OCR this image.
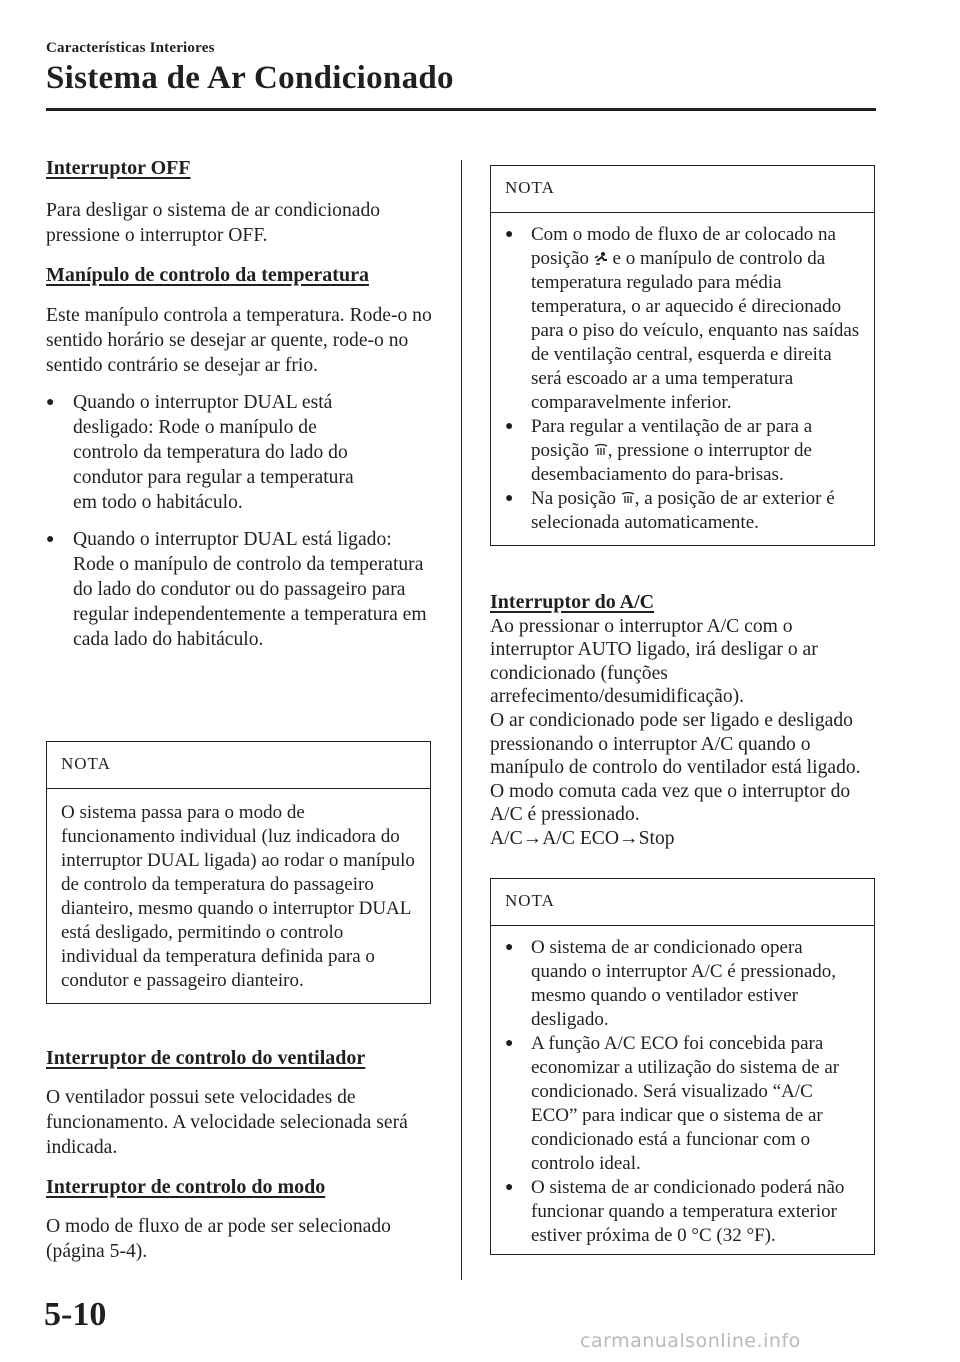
Características Interiores
Sistema de Ar Condicionado

Interruptor OFF

Para desligar o sistema de ar condicionado pressione o interruptor OFF.

Manípulo de controlo da temperatura

Este manípulo controla a temperatura. Rode-o no sentido horário se desejar ar quente, rode-o no sentido contrário se desejar ar frio.

● Quando o interruptor DUAL está desligado: Rode o manípulo de controlo da temperatura do lado do condutor para regular a temperatura em todo o habitáculo.
● Quando o interruptor DUAL está ligado: Rode o manípulo de controlo da temperatura do lado do condutor ou do passageiro para regular independentemente a temperatura em cada lado do habitáculo.
NOTA
O sistema passa para o modo de funcionamento individual (luz indicadora do interruptor DUAL ligada) ao rodar o manípulo de controlo da temperatura do passageiro dianteiro, mesmo quando o interruptor DUAL está desligado, permitindo o controlo individual da temperatura definida para o condutor e passageiro dianteiro.

Interruptor de controlo do ventilador

O ventilador possui sete velocidades de funcionamento. A velocidade selecionada será indicada.

Interruptor de controlo do modo

O modo de fluxo de ar pode ser selecionado (página 5-4).

NOTA
● Com o modo de fluxo de ar colocado na posição e o manípulo de controlo da temperatura regulado para média temperatura, o ar aquecido é direcionado para o piso do veículo, enquanto nas saídas de ventilação central, esquerda e direita será escoado ar a uma temperatura comparavelmente inferior.
● Para regular a ventilação de ar para a posição , pressione o interruptor de desembaciamento do para-brisas.
● Na posição , a posição de ar exterior é selecionada automaticamente.

Interruptor do A/C

Ao pressionar o interruptor A/C com o interruptor AUTO ligado, irá desligar o ar condicionado (funções arrefecimento/desumidificação).

O ar condicionado pode ser ligado e desligado pressionando o interruptor A/C quando o manípulo de controlo do ventilador está ligado.

O modo comuta cada vez que o interruptor do A/C é pressionado.

A/C→A/C ECO→Stop

NOTA
● O sistema de ar condicionado opera quando o interruptor A/C é pressionado, mesmo quando o ventilador estiver desligado.
● A função A/C ECO foi concebida para economizar a utilização do sistema de ar condicionado. Será visualizado “A/C ECO” para indicar que o sistema de ar condicionado está a funcionar com o controlo ideal.
● O sistema de ar condicionado poderá não funcionar quando a temperatura exterior estiver próxima de 0 °C (32 °F).
5-10
carmanualsonline.info
